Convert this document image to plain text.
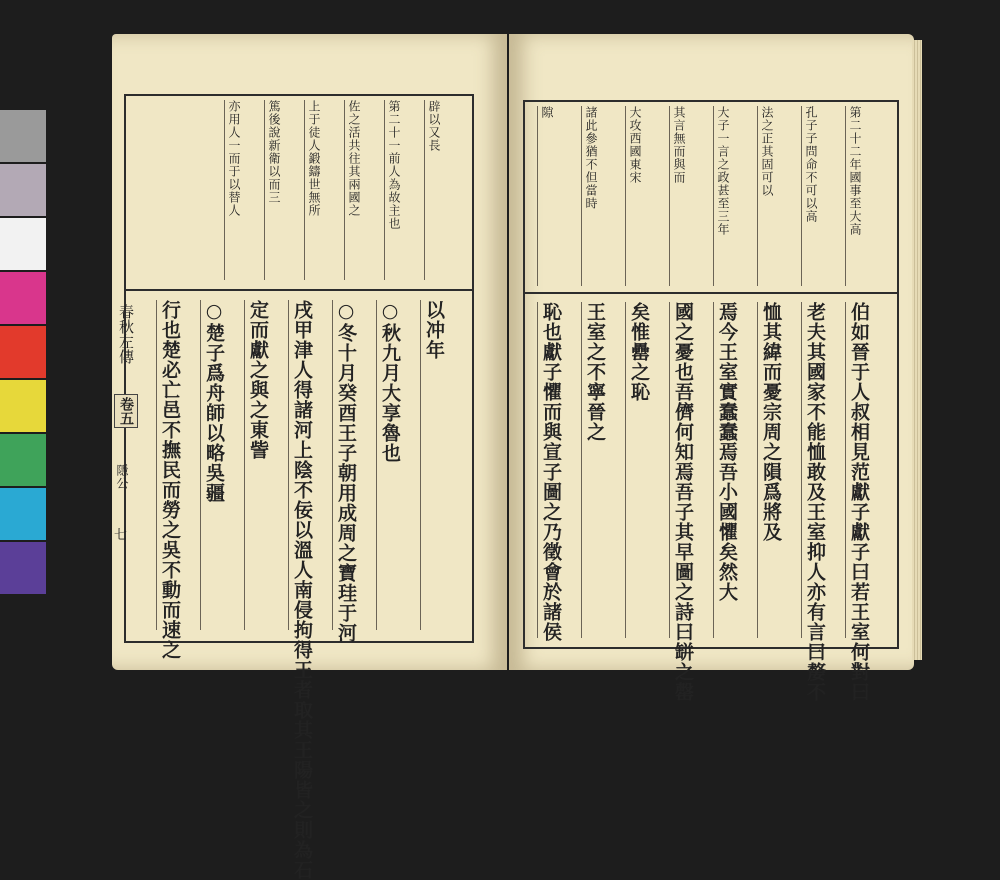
春秋左傳
卷五
隱公
七
辟以又長
第二十一前人為故主也
佐之活共往其兩國之
上于徒人鍛鑄世無所
篤後說新衛以而三
亦用人一而于以替人
以冲年
○秋九月大享魯也
○冬十月癸酉王子朝用成周之寶珪于河
戌甲津人得諸河上陰不佞以溫人南侵拘得王者取其王陽皆之則為石
定而獻之與之東訾
○楚子爲舟師以略吳疆
行也楚必亡邑不撫民而勞之吳不動而速之
第二十二年國事至大高
孔子子問命不可以高
法之正其固可以
大子一言之政甚至三年
其言無而與而
大攻西國東宋
諸此參猶不但當時
隙
伯如晉于人叔相見范獻子獻子曰若王室何對曰
老夫其國家不能恤敢及王室抑人亦有言曰嫠不
恤其緯而憂宗周之隕爲將及
焉今王室實蠢蠢焉吾小國懼矣然大
國之憂也吾儕何知焉吾子其早圖之詩曰缾之罄
矣惟罍之恥
王室之不寧晉之
恥也獻子懼而與宣子圖之乃徵會於諸侯
